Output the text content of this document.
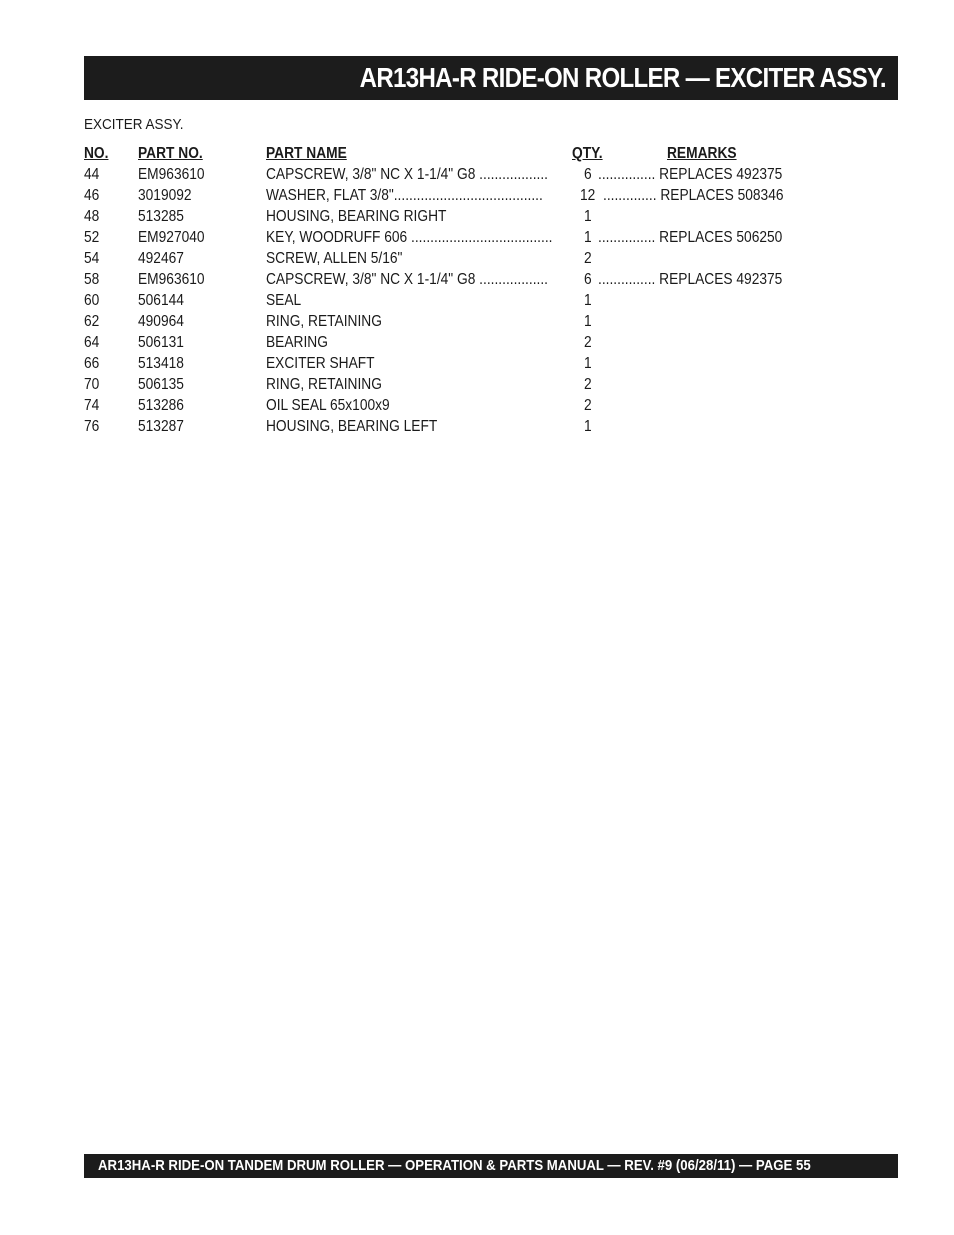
AR13HA-R RIDE-ON ROLLER — EXCITER ASSY.
EXCITER ASSY.
NO. PART NO.	PART NAME	QTY.	REMARKS
44 EM963610	CAPSCREW, 3/8" NC X 1-1/4" G8 .................. 6 ............... REPLACES 492375
46 3019092	WASHER, FLAT 3/8"....................................... 12 .............. REPLACES 508346
48 513285	HOUSING, BEARING RIGHT	1
52 EM927040	KEY, WOODRUFF 606 ..................................... 1 ............... REPLACES 506250
54 492467	SCREW, ALLEN 5/16"	2
58 EM963610	CAPSCREW, 3/8" NC X 1-1/4" G8 .................. 6 ............... REPLACES 492375
60 506144	SEAL	1
62 490964	RING, RETAINING	1
64 506131	BEARING	2
66 513418	EXCITER SHAFT	1
70 506135	RING, RETAINING	2
74 513286	OIL SEAL 65x100x9	2
76 513287	HOUSING, BEARING LEFT	1
AR13HA-R RIDE-ON TANDEM DRUM ROLLER — OPERATION & PARTS MANUAL — REV. #9 (06/28/11) — PAGE 55
